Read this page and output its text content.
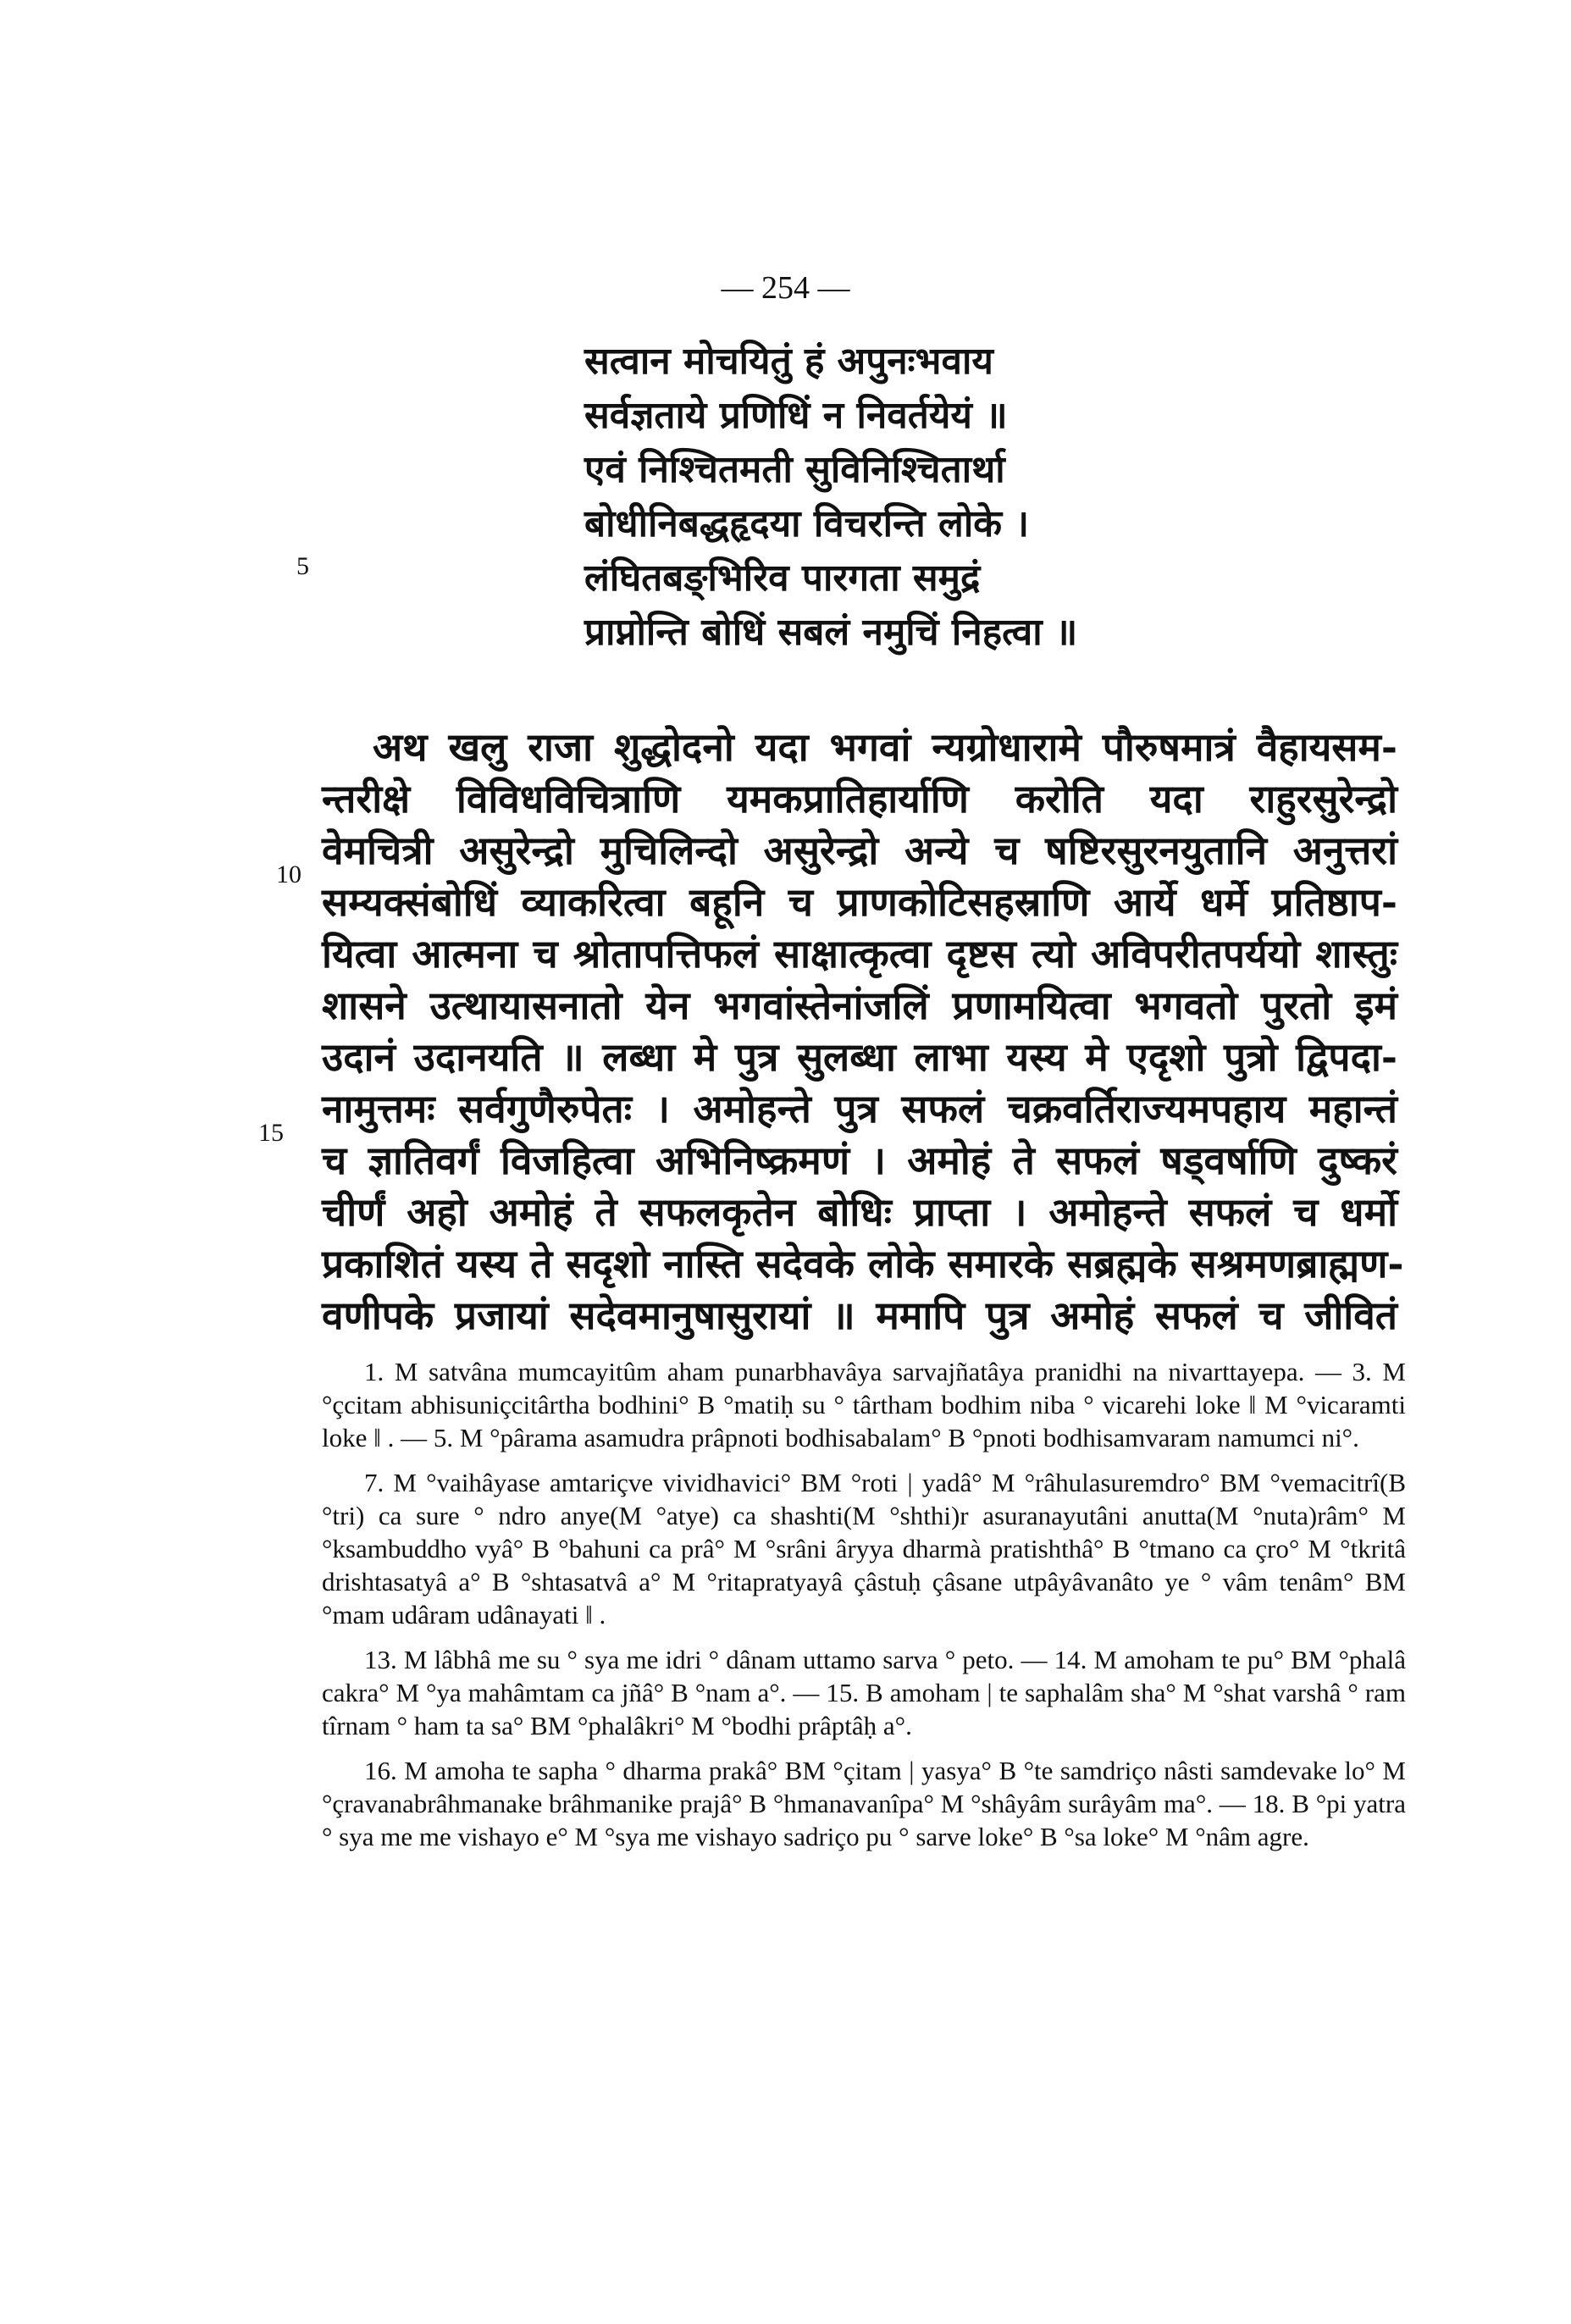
— 254 —
सत्वान मोचयितुं हं अपुनःभवाय
सर्वज्ञताये प्रणिधिं न निवर्तयेयं ॥
एवं निश्चितमती सुविनिश्चितार्था
बोधीनिबद्धहृदया विचरन्ति लोके ।
लंघितबङ्भिरिव पारगता समुद्रं
प्राप्नोन्ति बोधिं सबलं नमुचिं निहत्वा ॥
5
10
15
अथ खलु राजा शुद्धोदनो यदा भगवां न्यग्रोधारामे पौरुषमात्रं वैहायसम-
न्तरीक्षे विविधविचित्राणि यमकप्रातिहार्याणि करोति यदा राहुरसुरेन्द्रो
वेमचित्री असुरेन्द्रो मुचिलिन्दो असुरेन्द्रो अन्ये च षष्टिरसुरनयुतानि अनुत्तरां
सम्यक्संबोधिं व्याकरित्वा बहूनि च प्राणकोटिसहस्राणि आर्ये धर्मे प्रतिष्ठाप-
यित्वा आत्मना च श्रोतापत्तिफलं साक्षात्कृत्वा दृष्टस त्यो अविपरीतपर्ययो शास्तुः
शासने उत्थायासनातो येन भगवांस्तेनांजलिं प्रणामयित्वा भगवतो पुरतो इमं
उदानं उदानयति ॥ लब्धा मे पुत्र सुलब्धा लाभा यस्य मे एदृशो पुत्रो द्विपदा-
नामुत्तमः सर्वगुणैरुपेतः । अमोहन्ते पुत्र सफलं चक्रवर्तिराज्यमपहाय महान्तं
च ज्ञातिवर्गं विजहित्वा अभिनिष्क्रमणं । अमोहं ते सफलं षड्वर्षाणि दुष्करं
चीर्णं अहो अमोहं ते सफलकृतेन बोधिः प्राप्ता । अमोहन्ते सफलं च धर्मो
प्रकाशितं यस्य ते सदृशो नास्ति सदेवके लोके समारके सब्रह्मके सश्रमणब्राह्मण-
वणीपके प्रजायां सदेवमानुषासुरायां ॥ ममापि पुत्र अमोहं सफलं च जीवितं

1. M satvâna mumcayitûm aham punarbhavâya sarvajñatâya pranidhi na nivarttayepa. — 3. M °çcitam abhisuniçcitârtha bodhini° B °matiḥ su ° târtham bodhim niba ° vicarehi loke ‖ M °vicaramti loke ‖ . — 5. M °pârama asamudra prâpnoti bodhisabalam° B °pnoti bodhisamvaram namumci ni°.

7. M °vaihâyase amtariçve vividhavici° BM °roti | yadâ° M °râhulasuremdro° BM °vemacitrî(B °tri) ca sure ° ndro anye(M °atye) ca shashti(M °shthi)r asuranayutâni anutta(M °nuta)râm° M °ksambuddho vyâ° B °bahuni ca prâ° M °srâni âryya dharmà pratishthâ° B °tmano ca çro° M °tkritâ drishtasatyâ a° B °shtasatvâ a° M °ritapratyayâ çâstuḥ çâsane utpâyâvanâto ye ° vâm tenâm° BM °mam udâram udânayati ‖ .

13. M lâbhâ me su ° sya me idri ° dânam uttamo sarva ° peto. — 14. M amoham te pu° BM °phalâ cakra° M °ya mahâmtam ca jñâ° B °nam a°. — 15. B amoham | te saphalâm sha° M °shat varshâ ° ram tîrnam ° ham ta sa° BM °phalâkri° M °bodhi prâptâḥ a°.

16. M amoha te sapha ° dharma prakâ° BM °çitam | yasya° B °te samdriço nâsti samdevake lo° M °çravanabrâhmanake brâhmanike prajâ° B °hmanavanîpa° M °shâyâm surâyâm ma°. — 18. B °pi yatra ° sya me me vishayo e° M °sya me vishayo sadriço pu ° sarve loke° B °sa loke° M °nâm agre.
